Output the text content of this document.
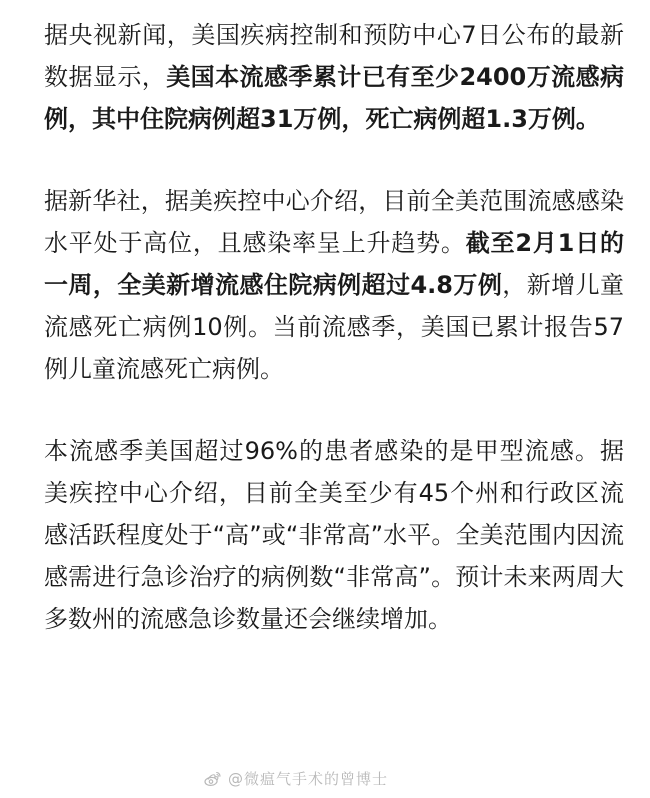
据央视新闻，美国疾病控制和预防中心7日公布的最新数据显示，美国本流感季累计已有至少2400万流感病例，其中住院病例超31万例，死亡病例超1.3万例。

据新华社，据美疾控中心介绍，目前全美范围流感感染水平处于高位，且感染率呈上升趋势。截至2月1日的一周，全美新增流感住院病例超过4.8万例，新增儿童流感死亡病例10例。当前流感季，美国已累计报告57例儿童流感死亡病例。

本流感季美国超过96%的患者感染的是甲型流感。据美疾控中心介绍，目前全美至少有45个州和行政区流感活跃程度处于“高”或“非常高”水平。全美范围内因流感需进行急诊治疗的病例数“非常高”。预计未来两周大多数州的流感急诊数量还会继续增加。

@微瘟气手术的曾博士
